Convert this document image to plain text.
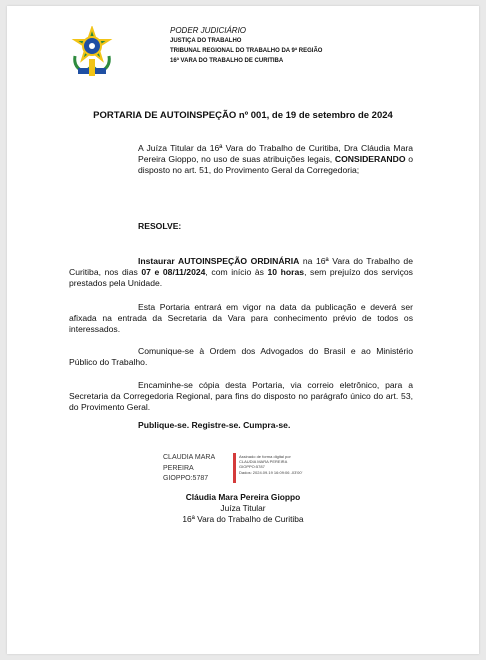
PODER JUDICIÁRIO
JUSTIÇA DO TRABALHO
TRIBUNAL REGIONAL DO TRABALHO DA 9ª REGIÃO
16ª VARA DO TRABALHO DE CURITIBA
PORTARIA DE AUTOINSPEÇÃO nº 001, de 19 de setembro de 2024

A Juíza Titular da 16ª Vara do Trabalho de Curitiba, Dra Cláudia Mara Pereira Gioppo, no uso de suas atribuições legais, CONSIDERANDO o disposto no art. 51, do Provimento Geral da Corregedoria;

RESOLVE:

Instaurar AUTOINSPEÇÃO ORDINÁRIA na 16ª Vara do Trabalho de Curitiba, nos dias 07 e 08/11/2024, com início às 10 horas, sem prejuízo dos serviços prestados pela Unidade.

Esta Portaria entrará em vigor na data da publicação e deverá ser afixada na entrada da Secretaria da Vara para conhecimento prévio de todos os interessados.

Comunique-se à Ordem dos Advogados do Brasil e ao Ministério Público do Trabalho.

Encaminhe-se cópia desta Portaria, via correio eletrônico, para a Secretaria da Corregedoria Regional, para fins do disposto no parágrafo único do art. 53, do Provimento Geral.

Publique-se. Registre-se. Cumpra-se.

CLAUDIA MARA
PEREIRA
GIOPPO:5787
Assinado de forma digital por
CLAUDIA MARA PEREIRA
GIOPPO:5787
Dados: 2024.09.19 16:09:06 -03'00'
Cláudia Mara Pereira Gioppo
Juíza Titular
16ª Vara do Trabalho de Curitiba
